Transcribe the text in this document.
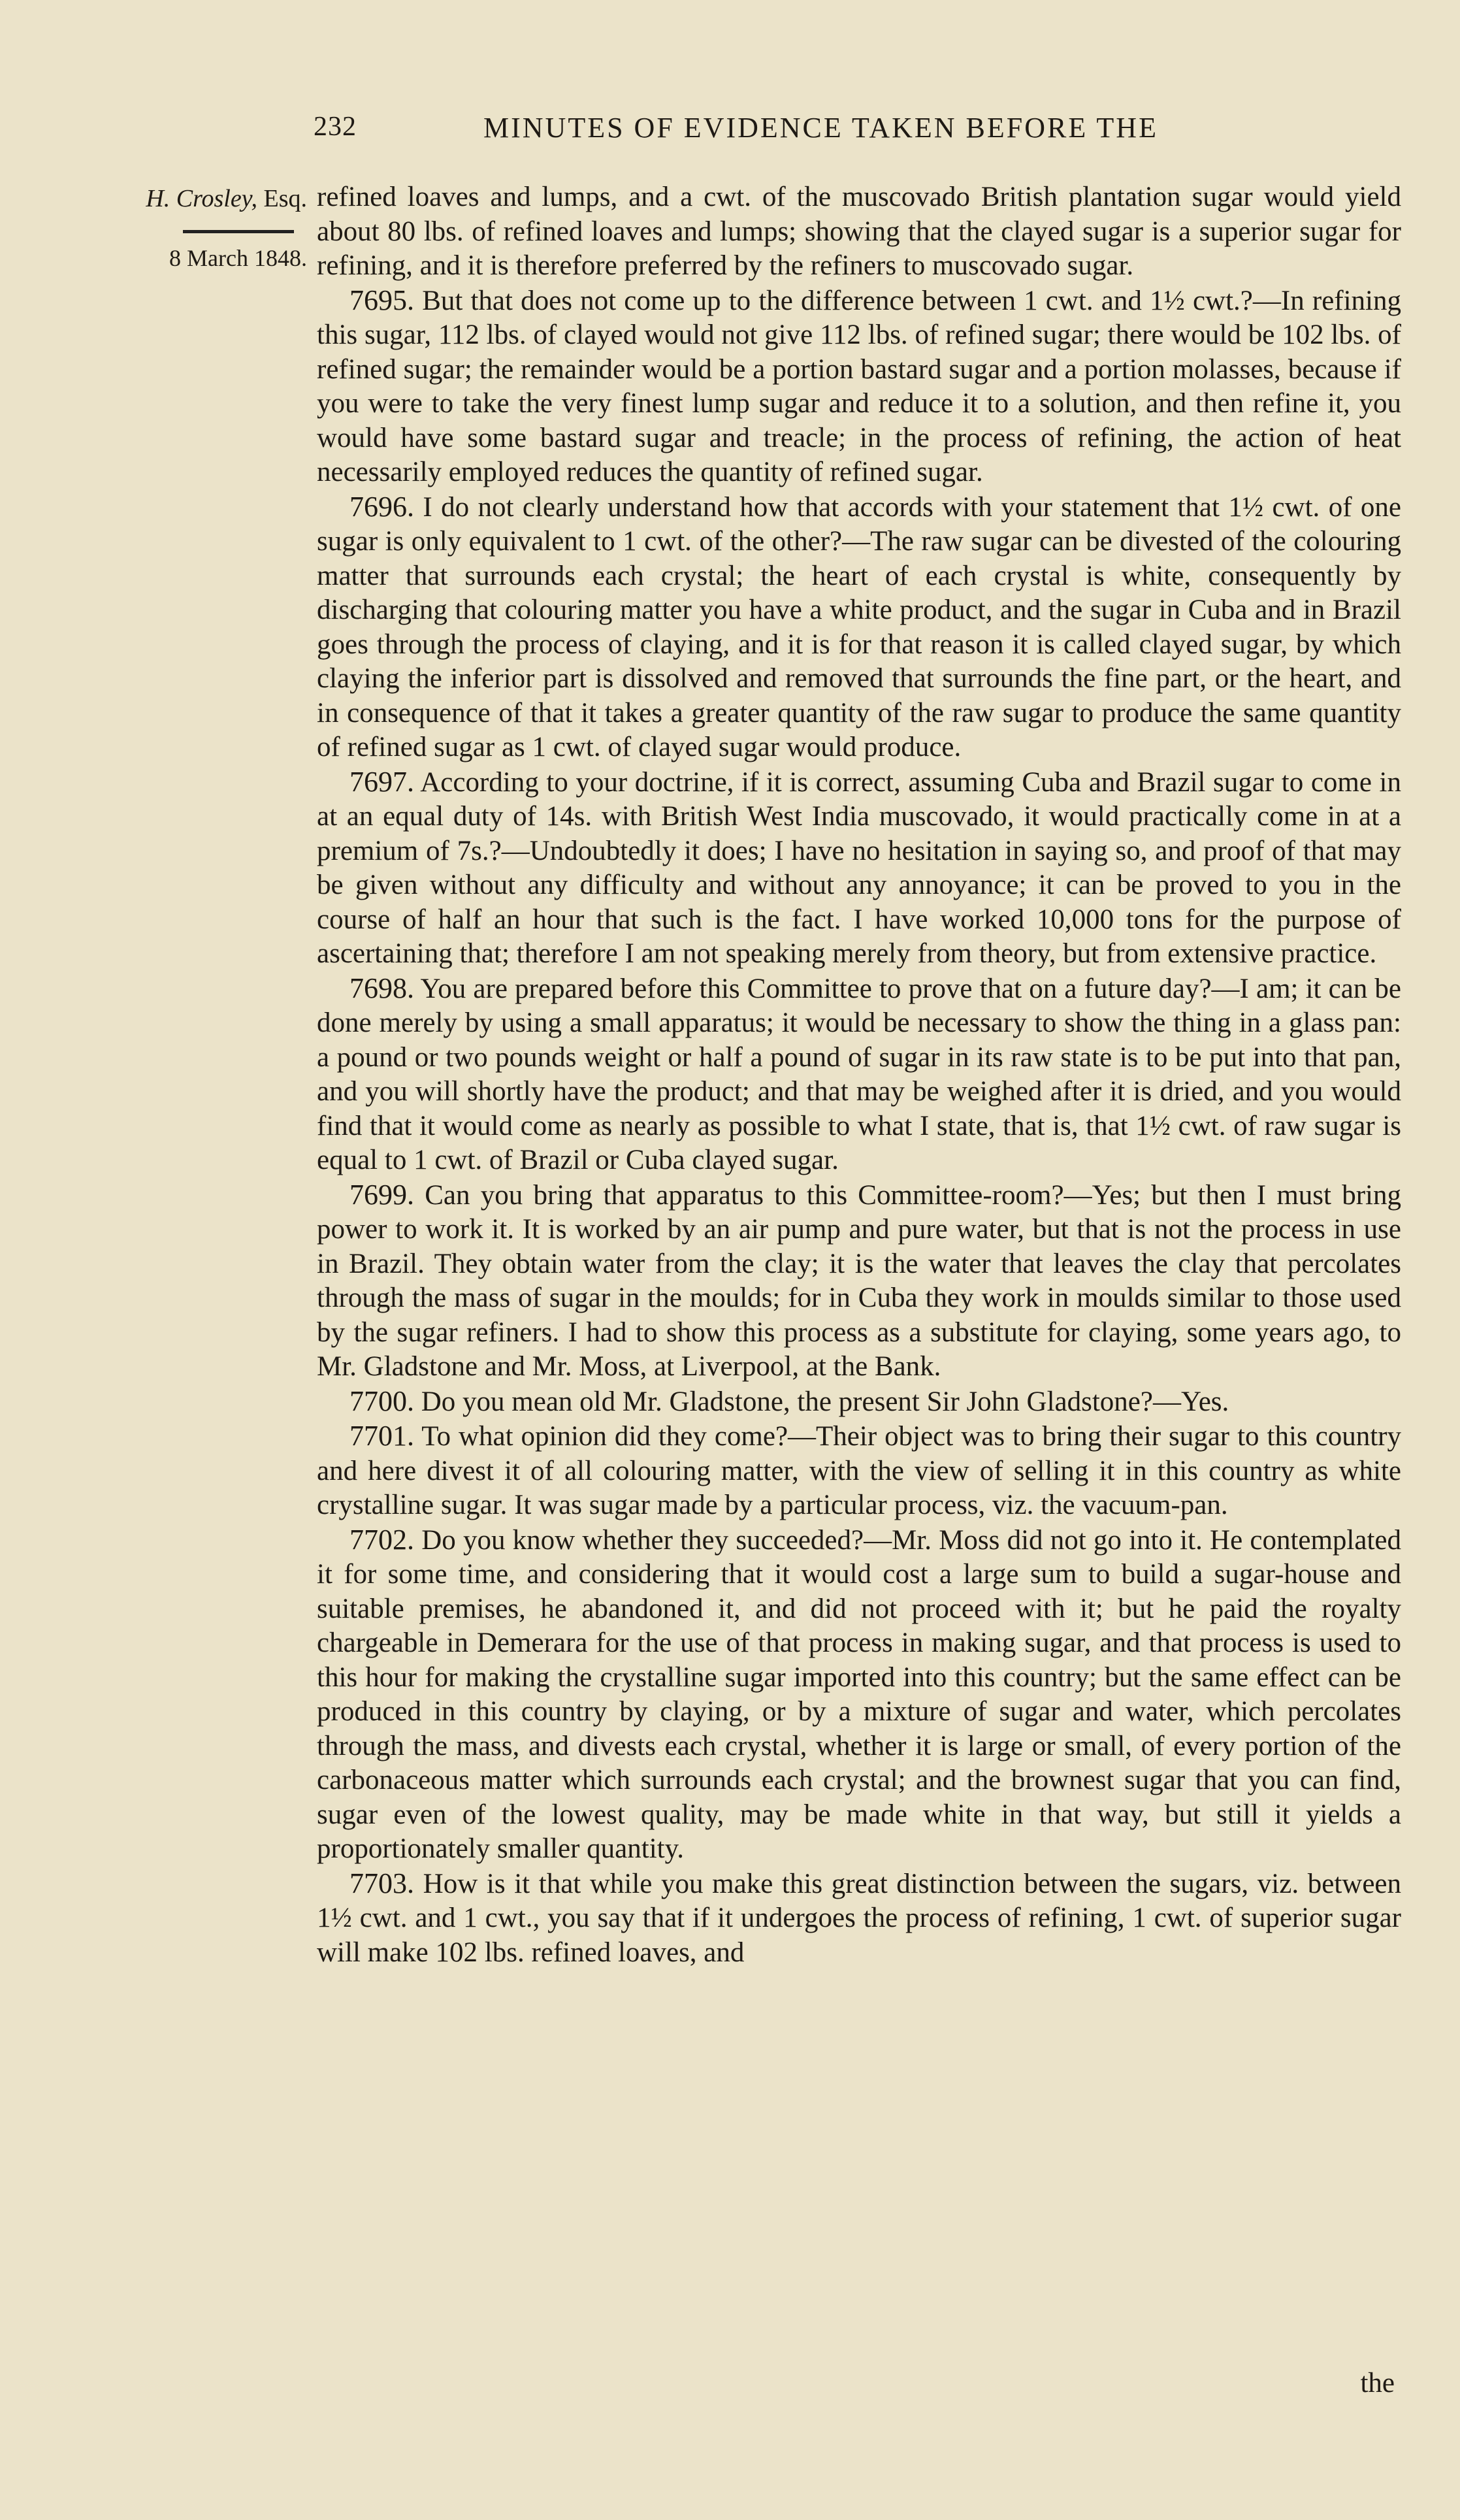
232	MINUTES OF EVIDENCE TAKEN BEFORE THE
H. Crosley, Esq.
8 March 1848.

refined loaves and lumps, and a cwt. of the muscovado British plantation sugar would yield about 80 lbs. of refined loaves and lumps; showing that the clayed sugar is a superior sugar for refining, and it is therefore preferred by the refiners to muscovado sugar.

7695. But that does not come up to the difference between 1 cwt. and 1½ cwt.?—In refining this sugar, 112 lbs. of clayed would not give 112 lbs. of refined sugar; there would be 102 lbs. of refined sugar; the remainder would be a portion bastard sugar and a portion molasses, because if you were to take the very finest lump sugar and reduce it to a solution, and then refine it, you would have some bastard sugar and treacle; in the process of refining, the action of heat necessarily employed reduces the quantity of refined sugar.

7696. I do not clearly understand how that accords with your statement that 1½ cwt. of one sugar is only equivalent to 1 cwt. of the other?—The raw sugar can be divested of the colouring matter that surrounds each crystal; the heart of each crystal is white, consequently by discharging that colouring matter you have a white product, and the sugar in Cuba and in Brazil goes through the process of claying, and it is for that reason it is called clayed sugar, by which claying the inferior part is dissolved and removed that surrounds the fine part, or the heart, and in consequence of that it takes a greater quantity of the raw sugar to produce the same quantity of refined sugar as 1 cwt. of clayed sugar would produce.

7697. According to your doctrine, if it is correct, assuming Cuba and Brazil sugar to come in at an equal duty of 14s. with British West India muscovado, it would practically come in at a premium of 7s.?—Undoubtedly it does; I have no hesitation in saying so, and proof of that may be given without any difficulty and without any annoyance; it can be proved to you in the course of half an hour that such is the fact. I have worked 10,000 tons for the purpose of ascertaining that; therefore I am not speaking merely from theory, but from extensive practice.

7698. You are prepared before this Committee to prove that on a future day?—I am; it can be done merely by using a small apparatus; it would be necessary to show the thing in a glass pan: a pound or two pounds weight or half a pound of sugar in its raw state is to be put into that pan, and you will shortly have the product; and that may be weighed after it is dried, and you would find that it would come as nearly as possible to what I state, that is, that 1½ cwt. of raw sugar is equal to 1 cwt. of Brazil or Cuba clayed sugar.

7699. Can you bring that apparatus to this Committee-room?—Yes; but then I must bring power to work it. It is worked by an air pump and pure water, but that is not the process in use in Brazil. They obtain water from the clay; it is the water that leaves the clay that percolates through the mass of sugar in the moulds; for in Cuba they work in moulds similar to those used by the sugar refiners. I had to show this process as a substitute for claying, some years ago, to Mr. Gladstone and Mr. Moss, at Liverpool, at the Bank.

7700. Do you mean old Mr. Gladstone, the present Sir John Gladstone?—Yes.

7701. To what opinion did they come?—Their object was to bring their sugar to this country and here divest it of all colouring matter, with the view of selling it in this country as white crystalline sugar. It was sugar made by a particular process, viz. the vacuum-pan.

7702. Do you know whether they succeeded?—Mr. Moss did not go into it. He contemplated it for some time, and considering that it would cost a large sum to build a sugar-house and suitable premises, he abandoned it, and did not proceed with it; but he paid the royalty chargeable in Demerara for the use of that process in making sugar, and that process is used to this hour for making the crystalline sugar imported into this country; but the same effect can be produced in this country by claying, or by a mixture of sugar and water, which percolates through the mass, and divests each crystal, whether it is large or small, of every portion of the carbonaceous matter which surrounds each crystal; and the brownest sugar that you can find, sugar even of the lowest quality, may be made white in that way, but still it yields a proportionately smaller quantity.

7703. How is it that while you make this great distinction between the sugars, viz. between 1½ cwt. and 1 cwt., you say that if it undergoes the process of refining, 1 cwt. of superior sugar will make 102 lbs. refined loaves, and

the
